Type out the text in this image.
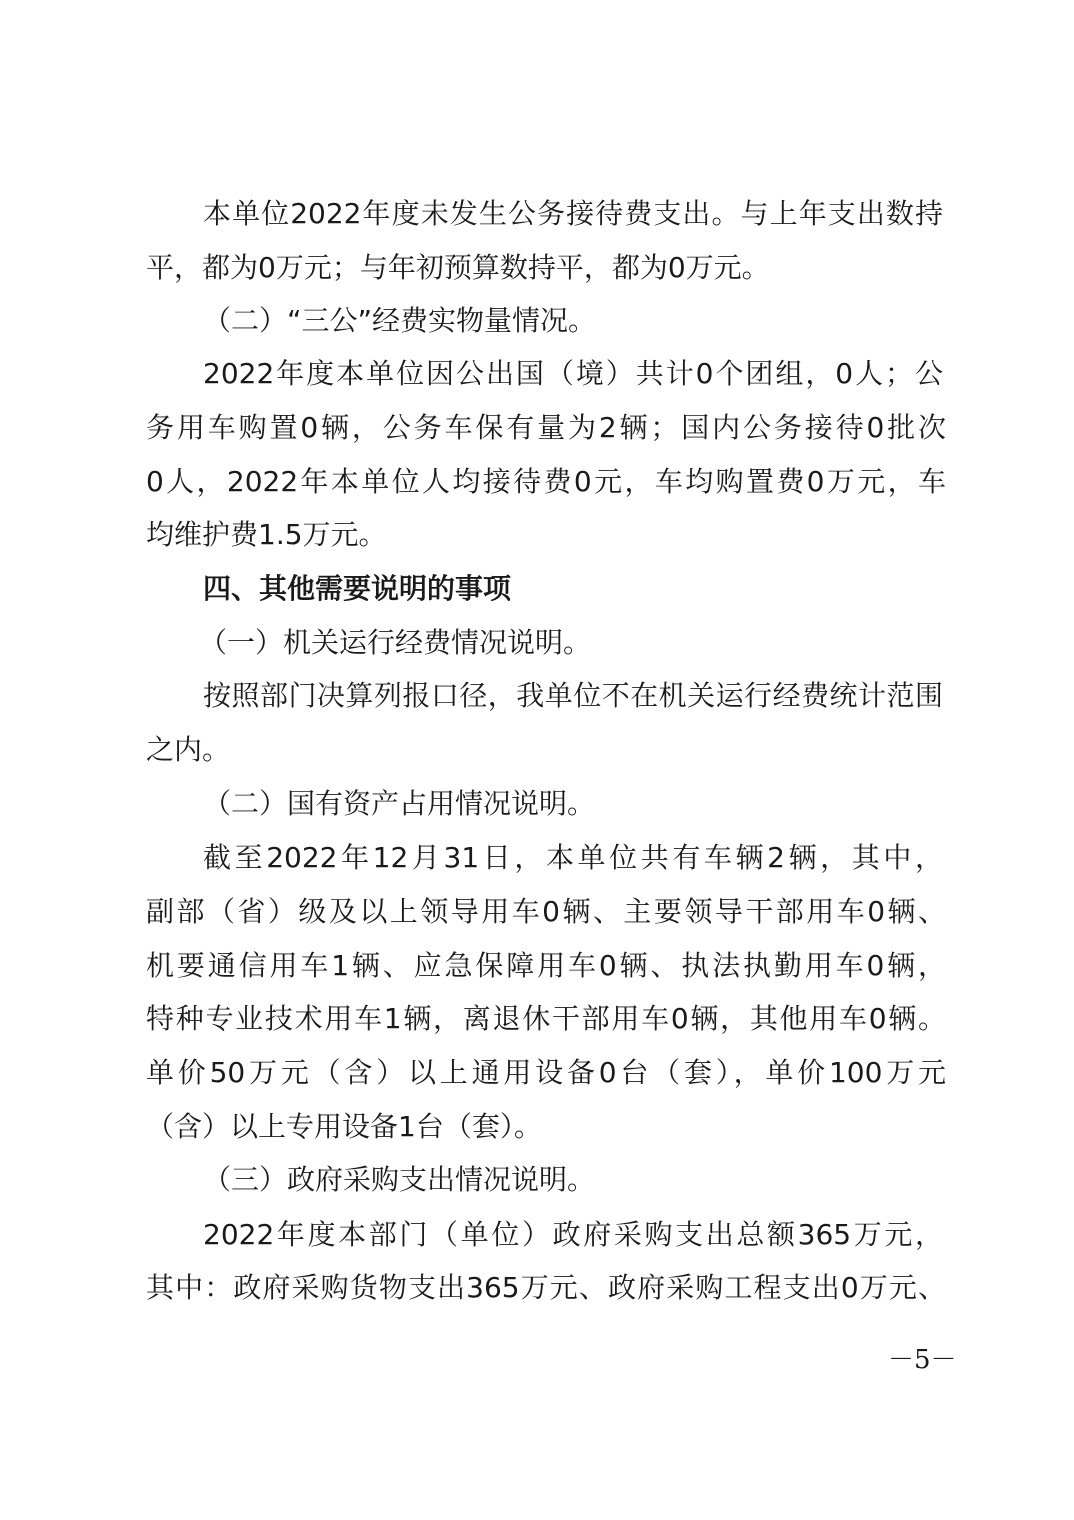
本单位2022年度未发生公务接待费支出。与上年支出数持
平，都为0万元；与年初预算数持平，都为0万元。
（二）“三公”经费实物量情况。
2022年度本单位因公出国（境）共计0个团组，0人；公
务用车购置0辆，公务车保有量为2辆；国内公务接待0批次
0人，2022年本单位人均接待费0元，车均购置费0万元，车
均维护费1.5万元。
四、其他需要说明的事项
（一）机关运行经费情况说明。
按照部门决算列报口径，我单位不在机关运行经费统计范围
之内。
（二）国有资产占用情况说明。
截至2022年12月31日，本单位共有车辆2辆，其中，
副部（省）级及以上领导用车0辆、主要领导干部用车0辆、
机要通信用车1辆、应急保障用车0辆、执法执勤用车0辆，
特种专业技术用车1辆，离退休干部用车0辆，其他用车0辆。
单价50万元（含）以上通用设备0台（套），单价100万元
（含）以上专用设备1台（套）。
（三）政府采购支出情况说明。
2022年度本部门（单位）政府采购支出总额365万元，
其中：政府采购货物支出365万元、政府采购工程支出0万元、
－5－
